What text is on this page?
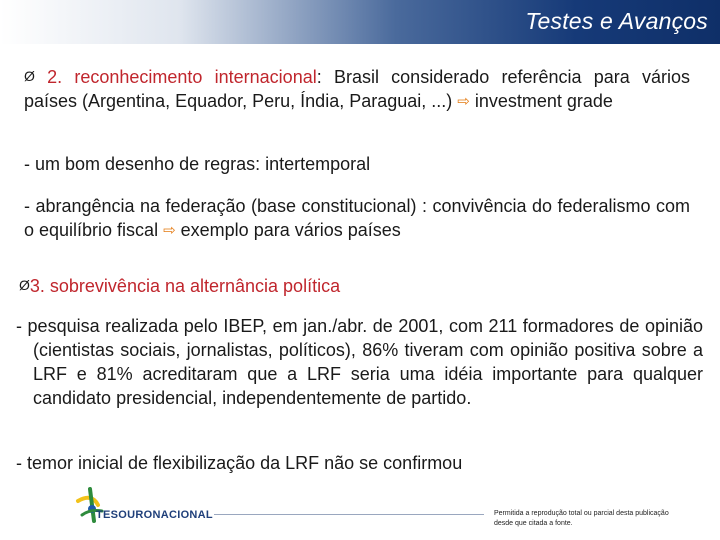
Testes e Avanços
Ø 2. reconhecimento internacional: Brasil considerado referência para vários países (Argentina, Equador, Peru, Índia, Paraguai, ...) ⇨ investment grade
- um bom desenho de regras: intertemporal
- abrangência na federação (base constitucional) : convivência do federalismo com o equilíbrio fiscal ⇨ exemplo para vários países
Ø3. sobrevivência na alternância política
- pesquisa realizada pelo IBEP, em jan./abr. de 2001, com 211 formadores de opinião (cientistas sociais, jornalistas, políticos), 86% tiveram com opinião positiva sobre a LRF e 81% acreditaram que a LRF seria uma idéia importante para qualquer candidato presidencial, independentemente de partido.
- temor inicial de flexibilização da LRF não se confirmou
TESOURONACIONAL	Permitida a reprodução total ou parcial desta publicação desde que citada a fonte.
